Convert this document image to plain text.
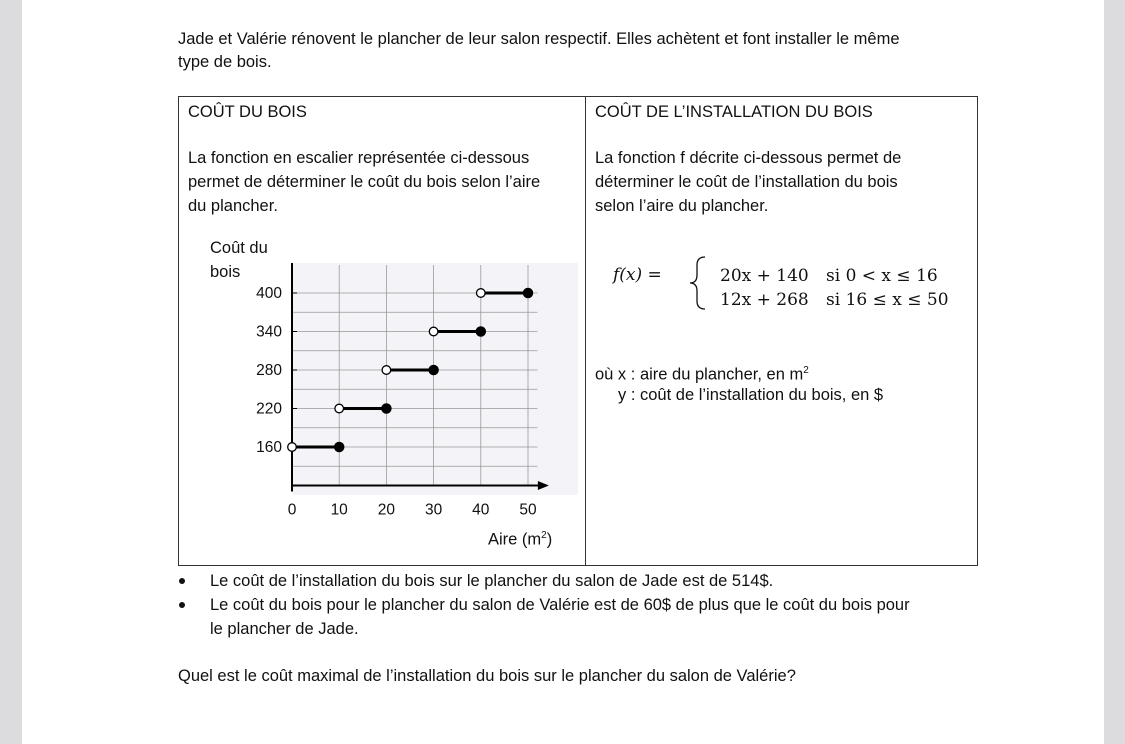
Jade et Valérie rénovent le plancher de leur salon respectif. Elles achètent et font installer le même
type de bois.
COÛT DU BOIS
La fonction en escalier représentée ci-dessous
permet de déterminer le coût du bois selon l’aire
du plancher.
Coût du
bois
160
220
280
340
400
0 10 20 30 40 50
Aire $(m^2)$
COÛT DE L’INSTALLATION DU BOIS
La fonction f décrite ci-dessous permet de
déterminer le coût de l’installation du bois
selon l’aire du plancher.
f(x) =	20x + 140 si 0 < x ≤ 16
12x + 268 si 16 ≤ x ≤ 50
où x : aire du plancher, en $m^2$
y : coût de l’installation du bois, en $
Le coût de l’installation du bois sur le plancher du salon de Jade est de 514$.
Le coût du bois pour le plancher du salon de Valérie est de 60$ de plus que le coût du bois pour
le plancher de Jade.
Quel est le coût maximal de l’installation du bois sur le plancher du salon de Valérie?
